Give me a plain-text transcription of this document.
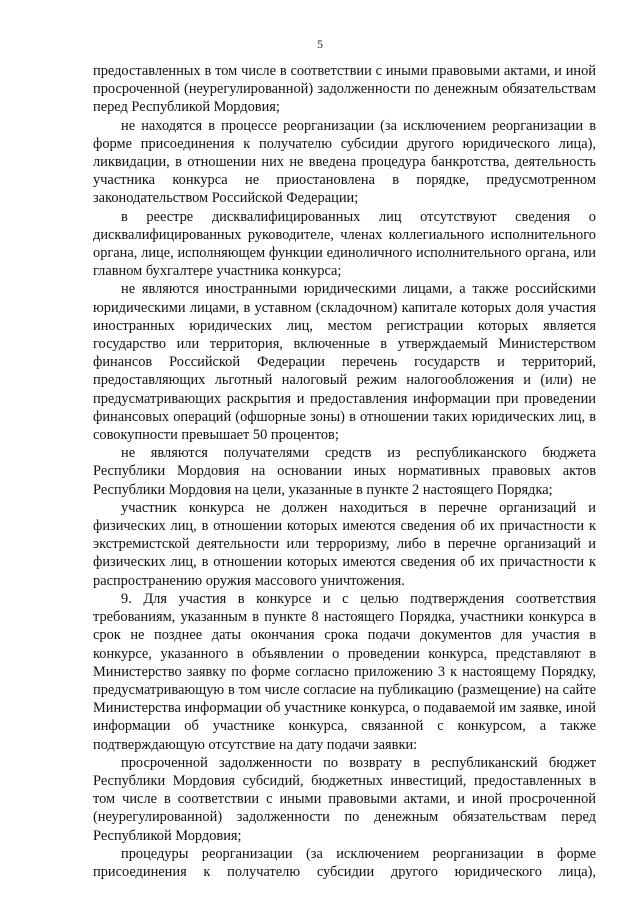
5

предоставленных в том числе в соответствии с иными правовыми актами, и иной просроченной (неурегулированной) задолженности по денежным обязательствам перед Республикой Мордовия;

не находятся в процессе реорганизации (за исключением реорганизации в форме присоединения к получателю субсидии другого юридического лица), ликвидации, в отношении них не введена процедура банкротства, деятельность участника конкурса не приостановлена в порядке, предусмотренном законодательством Российской Федерации;

в реестре дисквалифицированных лиц отсутствуют сведения о дисквалифицированных руководителе, членах коллегиального исполнительного органа, лице, исполняющем функции единоличного исполнительного органа, или главном бухгалтере участника конкурса;

не являются иностранными юридическими лицами, а также российскими юридическими лицами, в уставном (складочном) капитале которых доля участия иностранных юридических лиц, местом регистрации которых является государство или территория, включенные в утверждаемый Министерством финансов Российской Федерации перечень государств и территорий, предоставляющих льготный налоговый режим налогообложения и (или) не предусматривающих раскрытия и предоставления информации при проведении финансовых операций (офшорные зоны) в отношении таких юридических лиц, в совокупности превышает 50 процентов;

не являются получателями средств из республиканского бюджета Республики Мордовия на основании иных нормативных правовых актов Республики Мордовия на цели, указанные в пункте 2 настоящего Порядка;

участник конкурса не должен находиться в перечне организаций и физических лиц, в отношении которых имеются сведения об их причастности к экстремистской деятельности или терроризму, либо в перечне организаций и физических лиц, в отношении которых имеются сведения об их причастности к распространению оружия массового уничтожения.

9. Для участия в конкурсе и с целью подтверждения соответствия требованиям, указанным в пункте 8 настоящего Порядка, участники конкурса в срок не позднее даты окончания срока подачи документов для участия в конкурсе, указанного в объявлении о проведении конкурса, представляют в Министерство заявку по форме согласно приложению 3 к настоящему Порядку, предусматривающую в том числе согласие на публикацию (размещение) на сайте Министерства информации об участнике конкурса, о подаваемой им заявке, иной информации об участнике конкурса, связанной с конкурсом, а также подтверждающую отсутствие на дату подачи заявки:

просроченной задолженности по возврату в республиканский бюджет Республики Мордовия субсидий, бюджетных инвестиций, предоставленных в том числе в соответствии с иными правовыми актами, и иной просроченной (неурегулированной) задолженности по денежным обязательствам перед Республикой Мордовия;

процедуры реорганизации (за исключением реорганизации в форме присоединения к получателю субсидии другого юридического лица),
